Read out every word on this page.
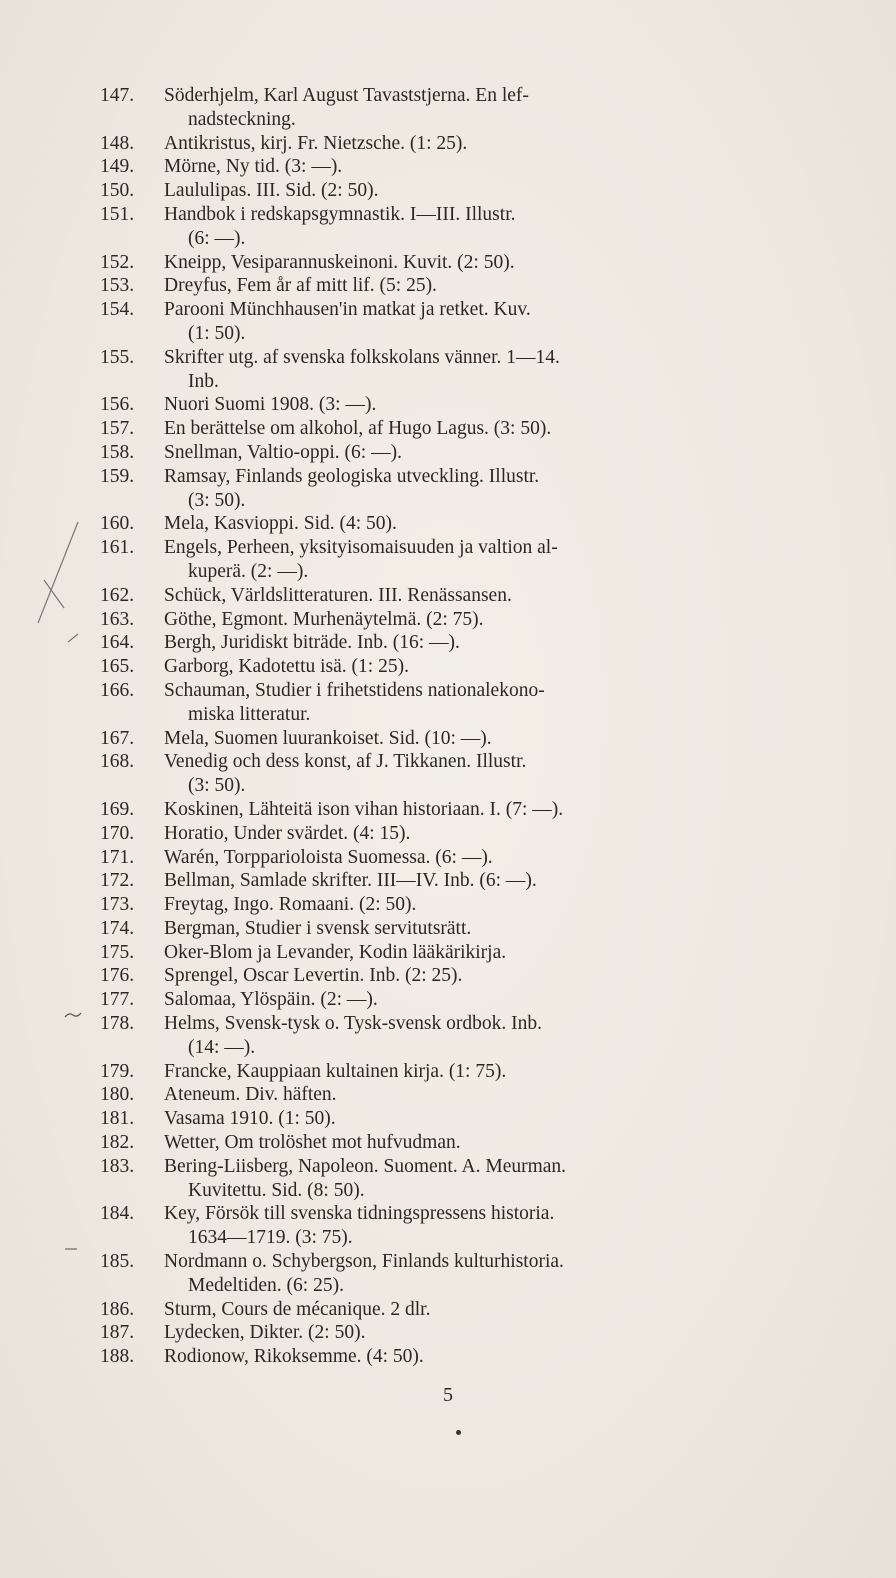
147.	Söderhjelm, Karl August Tavaststjerna. En lef-
nadsteckning.
148.	Antikristus, kirj. Fr. Nietzsche. (1: 25).
149.	Mörne, Ny tid. (3: —).
150.	Laululipas. III. Sid. (2: 50).
151.	Handbok i redskapsgymnastik. I—III. Illustr.
(6: —).
152.	Kneipp, Vesiparannuskeinoni. Kuvit. (2: 50).
153.	Dreyfus, Fem år af mitt lif. (5: 25).
154.	Parooni Münchhausen'in matkat ja retket. Kuv.
(1: 50).
155.	Skrifter utg. af svenska folkskolans vänner. 1—14.
Inb.
156.	Nuori Suomi 1908. (3: —).
157.	En berättelse om alkohol, af Hugo Lagus. (3: 50).
158.	Snellman, Valtio-oppi. (6: —).
159.	Ramsay, Finlands geologiska utveckling. Illustr.
(3: 50).
160.	Mela, Kasvioppi. Sid. (4: 50).
161.	Engels, Perheen, yksityisomaisuuden ja valtion al-
kuperä. (2: —).
162.	Schück, Världslitteraturen. III. Renässansen.
163.	Göthe, Egmont. Murhenäytelmä. (2: 75).
164.	Bergh, Juridiskt biträde. Inb. (16: —).
165.	Garborg, Kadotettu isä. (1: 25).
166.	Schauman, Studier i frihetstidens nationalekono-
miska litteratur.
167.	Mela, Suomen luurankoiset. Sid. (10: —).
168.	Venedig och dess konst, af J. Tikkanen. Illustr.
(3: 50).
169.	Koskinen, Lähteitä ison vihan historiaan. I. (7: —).
170.	Horatio, Under svärdet. (4: 15).
171.	Warén, Torpparioloista Suomessa. (6: —).
172.	Bellman, Samlade skrifter. III—IV. Inb. (6: —).
173.	Freytag, Ingo. Romaani. (2: 50).
174.	Bergman, Studier i svensk servitutsrätt.
175.	Oker-Blom ja Levander, Kodin lääkärikirja.
176.	Sprengel, Oscar Levertin. Inb. (2: 25).
177.	Salomaa, Ylöspäin. (2: —).
178.	Helms, Svensk-tysk o. Tysk-svensk ordbok. Inb.
(14: —).
179.	Francke, Kauppiaan kultainen kirja. (1: 75).
180.	Ateneum. Div. häften.
181.	Vasama 1910. (1: 50).
182.	Wetter, Om trolöshet mot hufvudman.
183.	Bering-Liisberg, Napoleon. Suoment. A. Meurman.
Kuvitettu. Sid. (8: 50).
184.	Key, Försök till svenska tidningspressens historia.
1634—1719. (3: 75).
185.	Nordmann o. Schybergson, Finlands kulturhistoria.
Medeltiden. (6: 25).
186.	Sturm, Cours de mécanique. 2 dlr.
187.	Lydecken, Dikter. (2: 50).
188.	Rodionow, Rikoksemme. (4: 50).
5
